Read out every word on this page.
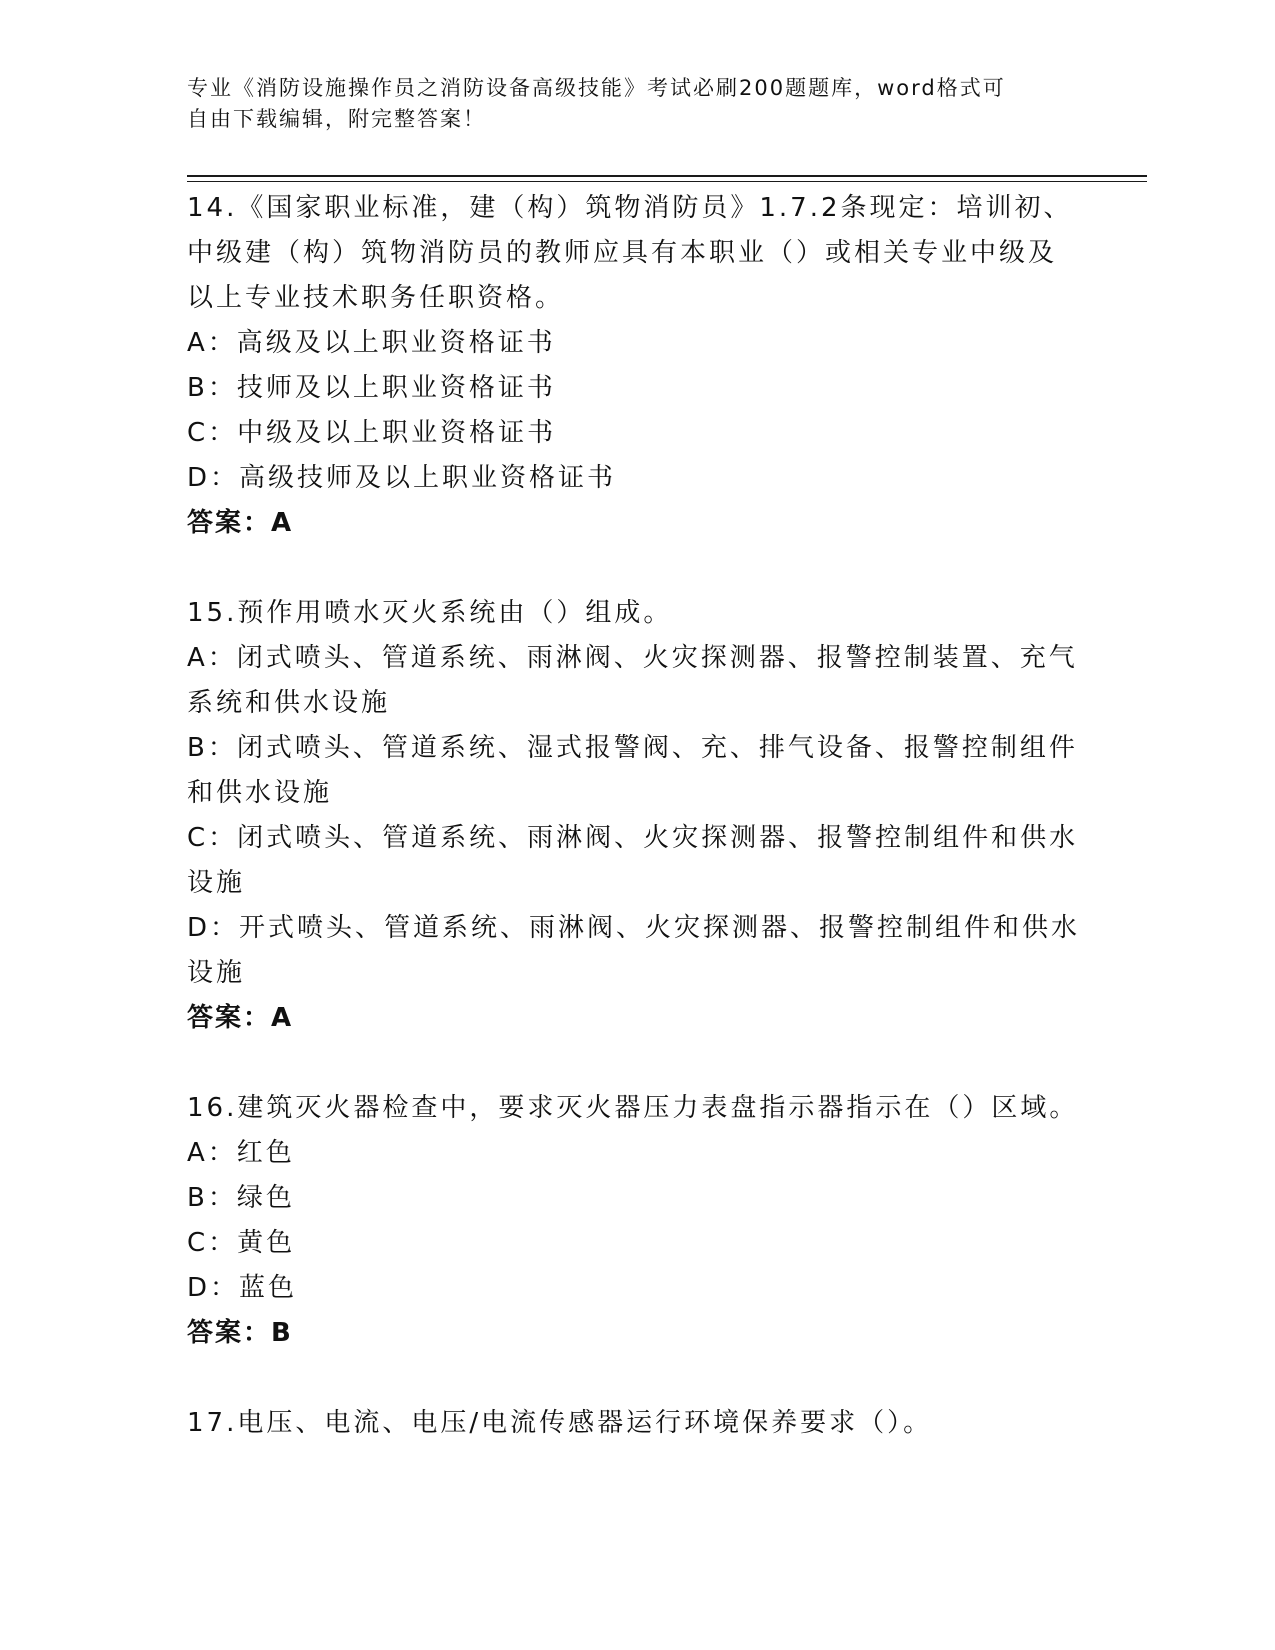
专业《消防设施操作员之消防设备高级技能》考试必刷200题题库，word格式可
自由下载编辑，附完整答案！
14.《国家职业标准，建（构）筑物消防员》1.7.2条现定：培训初、
中级建（构）筑物消防员的教师应具有本职业（）或相关专业中级及
以上专业技术职务任职资格。
A：高级及以上职业资格证书
B：技师及以上职业资格证书
C：中级及以上职业资格证书
D：高级技师及以上职业资格证书
答案：A
15.预作用喷水灭火系统由（）组成。
A：闭式喷头、管道系统、雨淋阀、火灾探测器、报警控制装置、充气
系统和供水设施
B：闭式喷头、管道系统、湿式报警阀、充、排气设备、报警控制组件
和供水设施
C：闭式喷头、管道系统、雨淋阀、火灾探测器、报警控制组件和供水
设施
D：开式喷头、管道系统、雨淋阀、火灾探测器、报警控制组件和供水
设施
答案：A
16.建筑灭火器检查中，要求灭火器压力表盘指示器指示在（）区域。
A：红色
B：绿色
C：黄色
D：蓝色
答案：B
17.电压、电流、电压/电流传感器运行环境保养要求（）。
